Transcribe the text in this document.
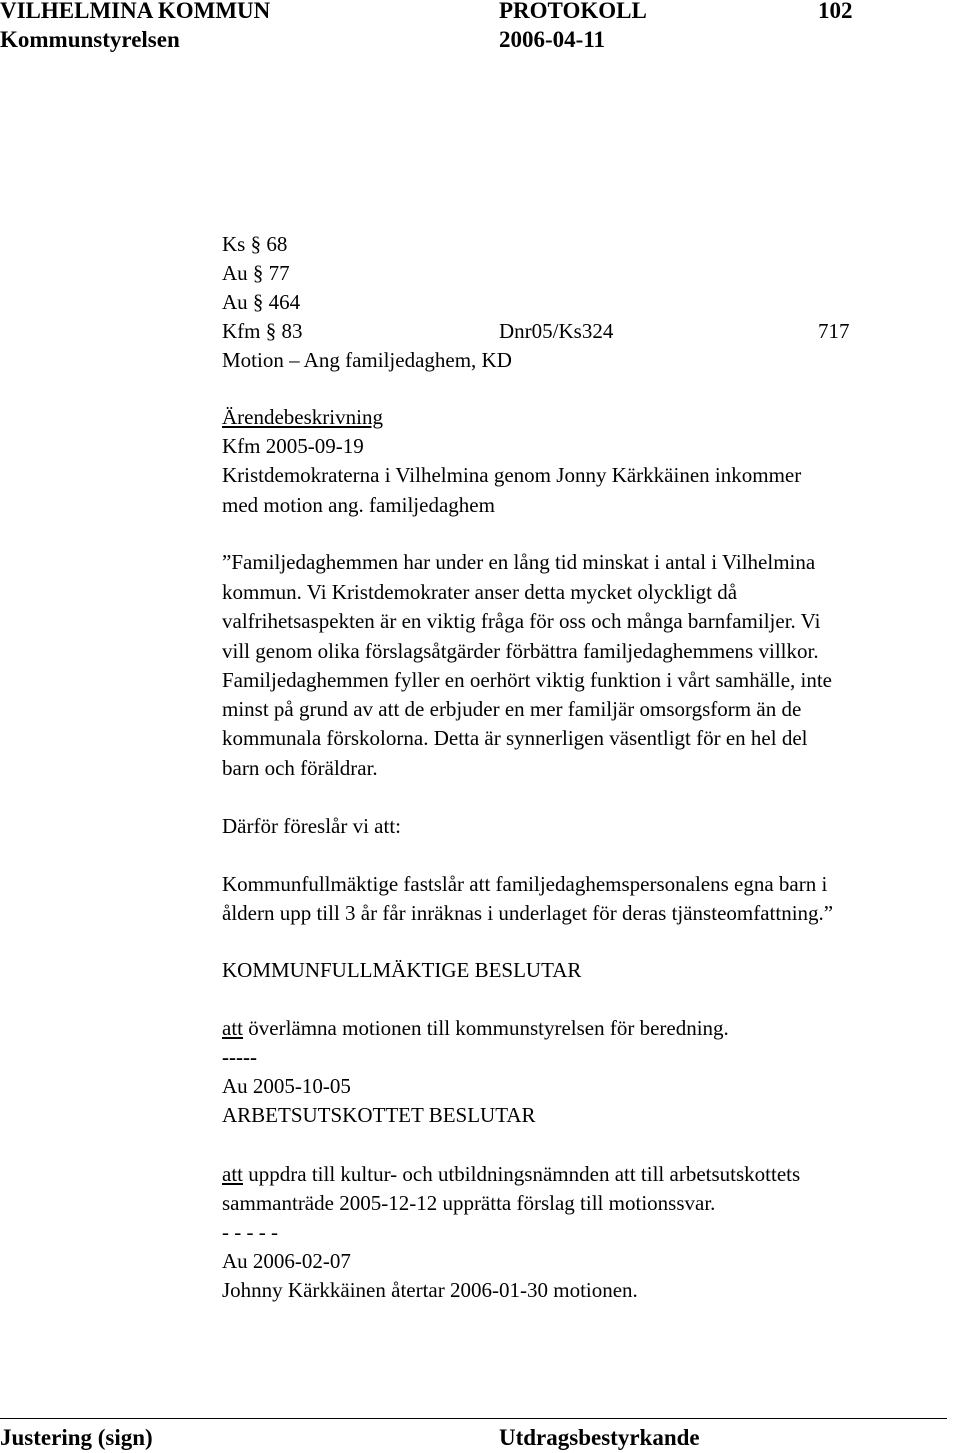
VILHELMINA KOMMUN	PROTOKOLL	102
Kommunstyrelsen	2006-04-11
Ks § 68
Au § 77
Au § 464
Kfm § 83	Dnr05/Ks324	717
Motion – Ang familjedaghem, KD
Ärendebeskrivning
Kfm 2005-09-19
Kristdemokraterna i Vilhelmina genom Jonny Kärkkäinen inkommer
med motion ang. familjedaghem
”Familjedaghemmen har under en lång tid minskat i antal i Vilhelmina
kommun. Vi Kristdemokrater anser detta mycket olyckligt då
valfrihetsaspekten är en viktig fråga för oss och många barnfamiljer. Vi
vill genom olika förslagsåtgärder förbättra familjedaghemmens villkor.
Familjedaghemmen fyller en oerhört viktig funktion i vårt samhälle, inte
minst på grund av att de erbjuder en mer familjär omsorgsform än de
kommunala förskolorna. Detta är synnerligen väsentligt för en hel del
barn och föräldrar.
Därför föreslår vi att:
Kommunfullmäktige fastslår att familjedaghemspersonalens egna barn i
åldern upp till 3 år får inräknas i underlaget för deras tjänsteomfattning.”
KOMMUNFULLMÄKTIGE BESLUTAR
att överlämna motionen till kommunstyrelsen för beredning.
-----
Au 2005-10-05
ARBETSUTSKOTTET BESLUTAR
att uppdra till kultur- och utbildningsnämnden att till arbetsutskottets
sammanträde 2005-12-12 upprätta förslag till motionssvar.
- - - - -
Au 2006-02-07
Johnny Kärkkäinen återtar 2006-01-30 motionen.
Justering (sign)	Utdragsbestyrkande
